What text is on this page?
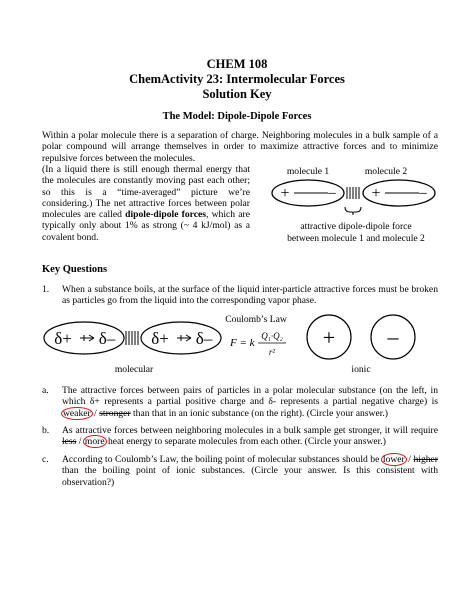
CHEM 108
ChemActivity 23: Intermolecular Forces
Solution Key
The Model: Dipole-Dipole Forces
Within a polar molecule there is a separation of charge. Neighboring molecules in a bulk sample of a polar compound will arrange themselves in order to maximize attractive forces and to minimize repulsive forces between the molecules.
(In a liquid there is still enough thermal energy that the molecules are constantly moving past each other; so this is a “time-averaged” picture we’re considering.) The net attractive forces between polar molecules are called dipole-dipole forces, which are typically only about 1% as strong (~ 4 kJ/mol) as a covalent bond.
molecule 1	molecule 2
+	– +	–
attractive dipole-dipole force
between molecule 1 and molecule 2
Key Questions
1. When a substance boils, at the surface of the liquid inter-particle attractive forces must be broken as particles go from the liquid into the corresponding vapor phase.
δ+ δ– δ+ δ–
molecular
Coulomb’s Law
F = k
Q₁·Q₂
r²
+ –
ionic
a. The attractive forces between pairs of particles in a polar molecular substance (on the left, in which δ+ represents a partial positive charge and δ- represents a partial negative charge) is weaker / stronger than that in an ionic substance (on the right). (Circle your answer.)
b. As attractive forces between neighboring molecules in a bulk sample get stronger, it will require less / more heat energy to separate molecules from each other. (Circle your answer.)
c. According to Coulomb’s Law, the boiling point of molecular substances should be lower / higher than the boiling point of ionic substances. (Circle your answer. Is this consistent with observation?)
